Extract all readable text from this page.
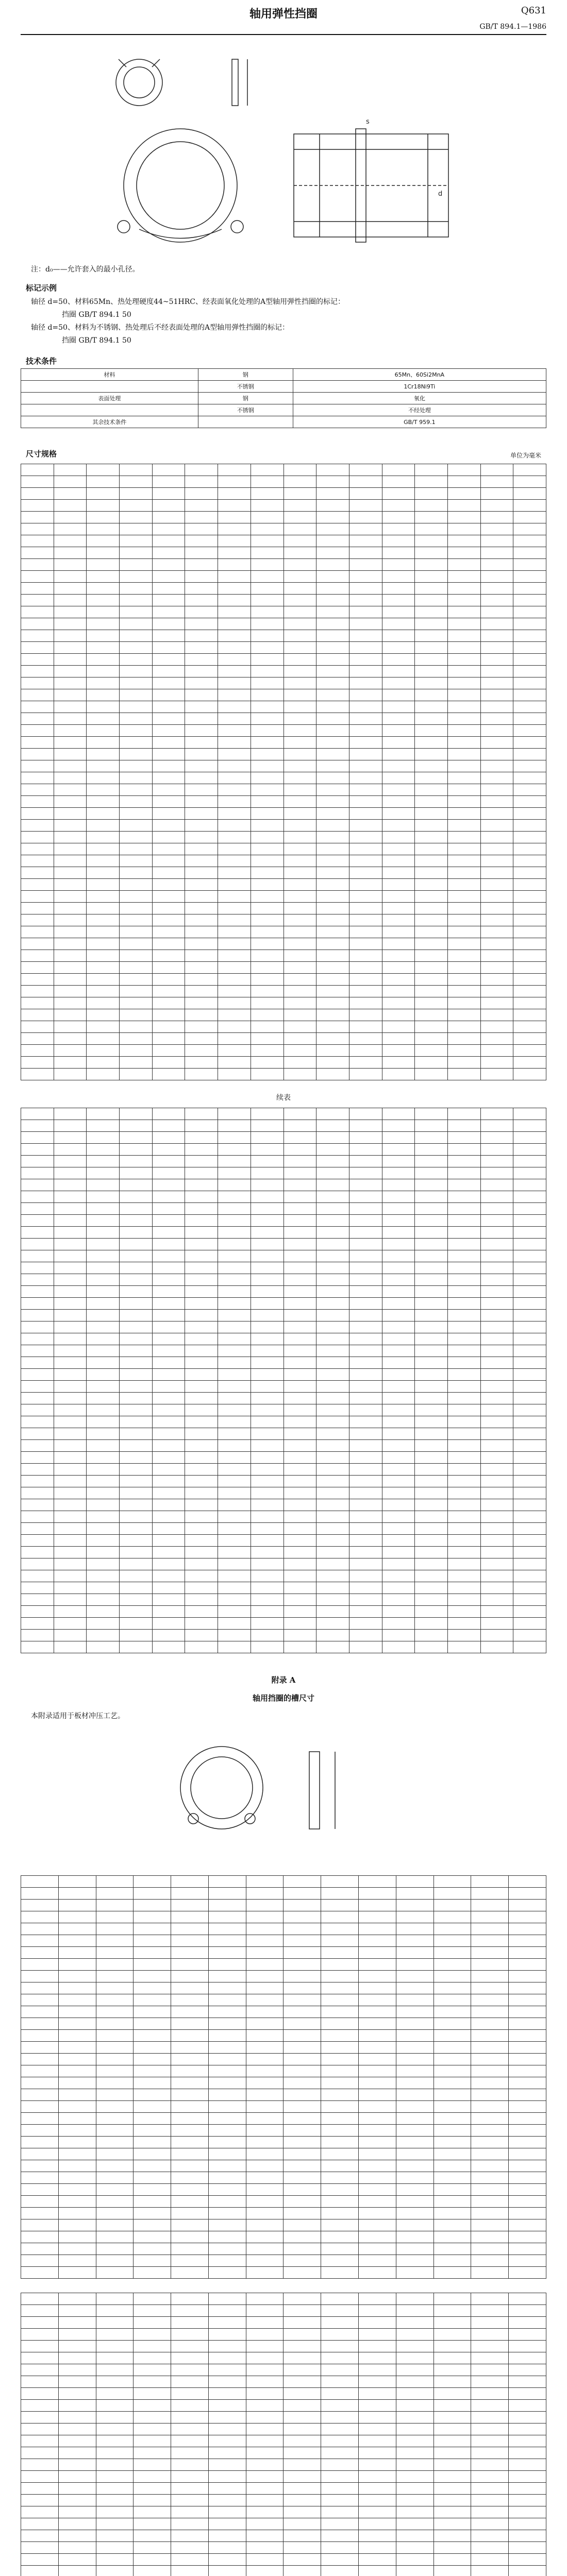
轴用弹性挡圈	Q631
GB/T 894.1—1986
s
d
注：d₀——允许套入的最小孔径。
标记示例
轴径 d=50、材料65Mn、热处理硬度44~51HRC、经表面氧化处理的A型轴用弹性挡圈的标记：
挡圈 GB/T 894.1 50
轴径 d=50、材料为不锈钢、热处理后不经表面处理的A型轴用弹性挡圈的标记：
挡圈 GB/T 894.1 50
技术条件
材料	钢	65Mn、60Si2MnA
	不锈钢	1Cr18Ni9Ti
表面处理	钢	氧化
	不锈钢	不经处理
其余技术条件		GB/T 959.1
尺寸规格	单位为毫米

续表

附录 A
轴用挡圈的槽尺寸
本附录适用于板材冲压工艺。
